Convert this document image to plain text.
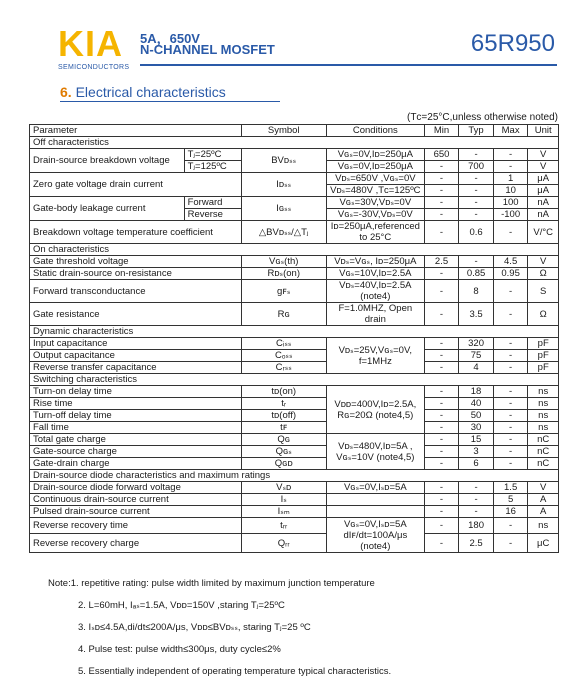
KIA
SEMICONDUCTORS
5A，650V
N-CHANNEL MOSFET	65R950
6. Electrical characteristics
(Tᴄ=25°C,unless otherwise noted)
Parameter		Symbol	Conditions	Min	Typ	Max	Unit
Off characteristics							
Drain-source breakdown voltage	Tⱼ=25ºC	BVᴅₛₛ	Vɢₛ=0V,Iᴅ=250μA	650	-	-	V
	Tⱼ=125ºC		Vɢₛ=0V,Iᴅ=250μA	-	700	-	V
Zero gate voltage drain current		Iᴅₛₛ	Vᴅₛ=650V ,Vɢₛ=0V	-	-	1	μA
			Vᴅₛ=480V ,Tᴄ=125ºC	-	-	10	μA
Gate-body leakage current	Forward	Iɢₛₛ	Vɢₛ=30V,Vᴅₛ=0V	-	-	100	nA
	Reverse		Vɢₛ=-30V,Vᴅₛ=0V	-	-	-100	nA
Breakdown voltage temperature coefficient		△BVᴅₛₛ/△Tⱼ	Iᴅ=250μA,referenced to 25°C	-	0.6	-	V/°C
On characteristics							
Gate threshold voltage		Vɢₛ(th)	Vᴅₛ=Vɢₛ, Iᴅ=250μA	2.5	-	4.5	V
Static drain-source on-resistance		Rᴅₛ(on)	Vɢₛ=10V,Iᴅ=2.5A	-	0.85	0.95	Ω
Forward transconductance		gꜰₛ	Vᴅₛ=40V,Iᴅ=2.5A (note4)	-	8	-	S
Gate resistance		Rɢ	F=1.0MHZ, Open drain	-	3.5	-	Ω
Dynamic characteristics							
Input capacitance		Cᵢₛₛ	Vᴅₛ=25V,Vɢₛ=0V, f=1MHz	-	320	-	pF
Output capacitance		Cₒₛₛ		-	75	-	pF
Reverse transfer capacitance		Cᵣₛₛ		-	4	-	pF
Switching characteristics							
Turn-on delay time		tᴅ(on)	Vᴅᴅ=400V,Iᴅ=2.5A, Rɢ=20Ω (note4,5)	-	18	-	ns
Rise time		tᵣ		-	40	-	ns
Turn-off delay time		tᴅ(off)		-	50	-	ns
Fall time		tꜰ		-	30	-	ns
Total gate charge		Qɢ	Vᴅₛ=480V,Iᴅ=5A , Vɢₛ=10V (note4,5)	-	15	-	nC
Gate-source charge		Qɢₛ		-	3	-	nC
Gate-drain charge		Qɢᴅ		-	6	-	nC
Drain-source diode characteristics and maximum ratings							
Drain-source diode forward voltage		Vₛᴅ	Vɢₛ=0V,Iₛᴅ=5A	-	-	1.5	V
Continuous drain-source current		Iₛ		-	-	5	A
Pulsed drain-source current		Iₛₘ		-	-	16	A
Reverse recovery time		tᵣᵣ	Vɢₛ=0V,Iₛᴅ=5A dIꜰ/dt=100A/μs (note4)	-	180	-	ns
Reverse recovery charge		Qᵣᵣ		-	2.5	-	μC
Note:1. repetitive rating: pulse width limited by maximum junction temperature
2. L=60mH, Iₐₛ=1.5A, Vᴅᴅ=150V ,staring Tⱼ=25ºC
3. Iₛᴅ≤4.5A,di/dt≤200A/μs, Vᴅᴅ≤BVᴅₛₛ, staring Tⱼ=25 ºC
4. Pulse test: pulse width≤300μs, duty cycle≤2%
5. Essentially independent of operating temperature typical characteristics.
